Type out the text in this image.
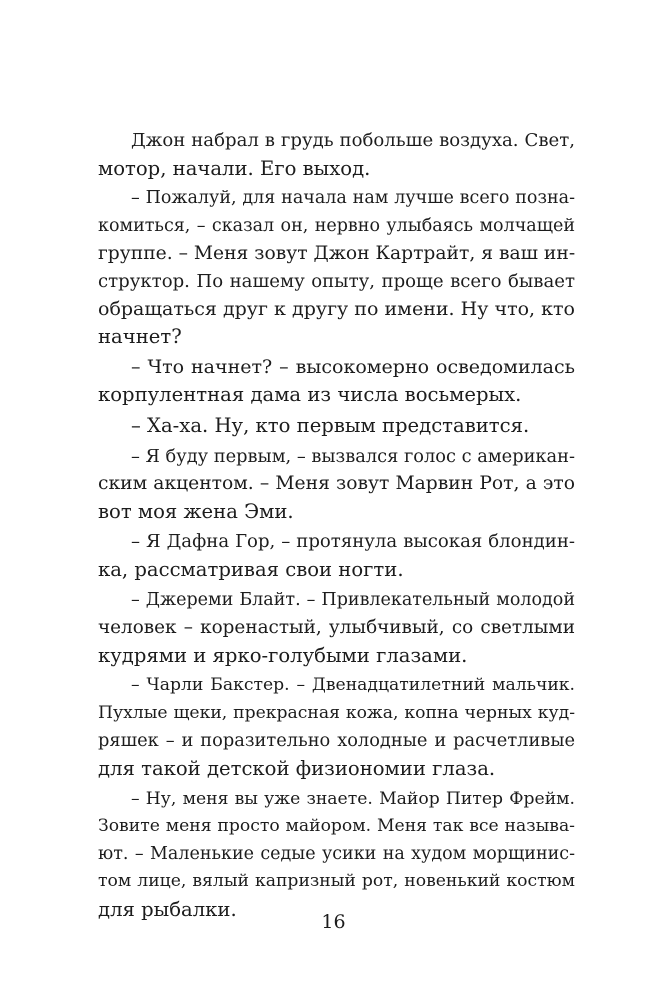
Джон набрал в грудь побольше воздуха. Свет,
мотор, начали. Его выход.
– Пожалуй, для начала нам лучше всего позна-
комиться, – сказал он, нервно улыбаясь молчащей
группе. – Меня зовут Джон Картрайт, я ваш ин-
структор. По нашему опыту, проще всего бывает
обращаться друг к другу по имени. Ну что, кто
начнет?
– Что начнет? – высокомерно осведомилась
корпулентная дама из числа восьмерых.
– Ха-ха. Ну, кто первым представится.
– Я буду первым, – вызвался голос с американ-
ским акцентом. – Меня зовут Марвин Рот, а это
вот моя жена Эми.
– Я Дафна Гор, – протянула высокая блондин-
ка, рассматривая свои ногти.
– Джереми Блайт. – Привлекательный молодой
человек – коренастый, улыбчивый, со светлыми
кудрями и ярко-голубыми глазами.
– Чарли Бакстер. – Двенадцатилетний мальчик.
Пухлые щеки, прекрасная кожа, копна черных куд-
ряшек – и поразительно холодные и расчетливые
для такой детской физиономии глаза.
– Ну, меня вы уже знаете. Майор Питер Фрейм.
Зовите меня просто майором. Меня так все называ-
ют. – Маленькие седые усики на худом морщинис-
том лице, вялый капризный рот, новенький костюм
для рыбалки.
16
